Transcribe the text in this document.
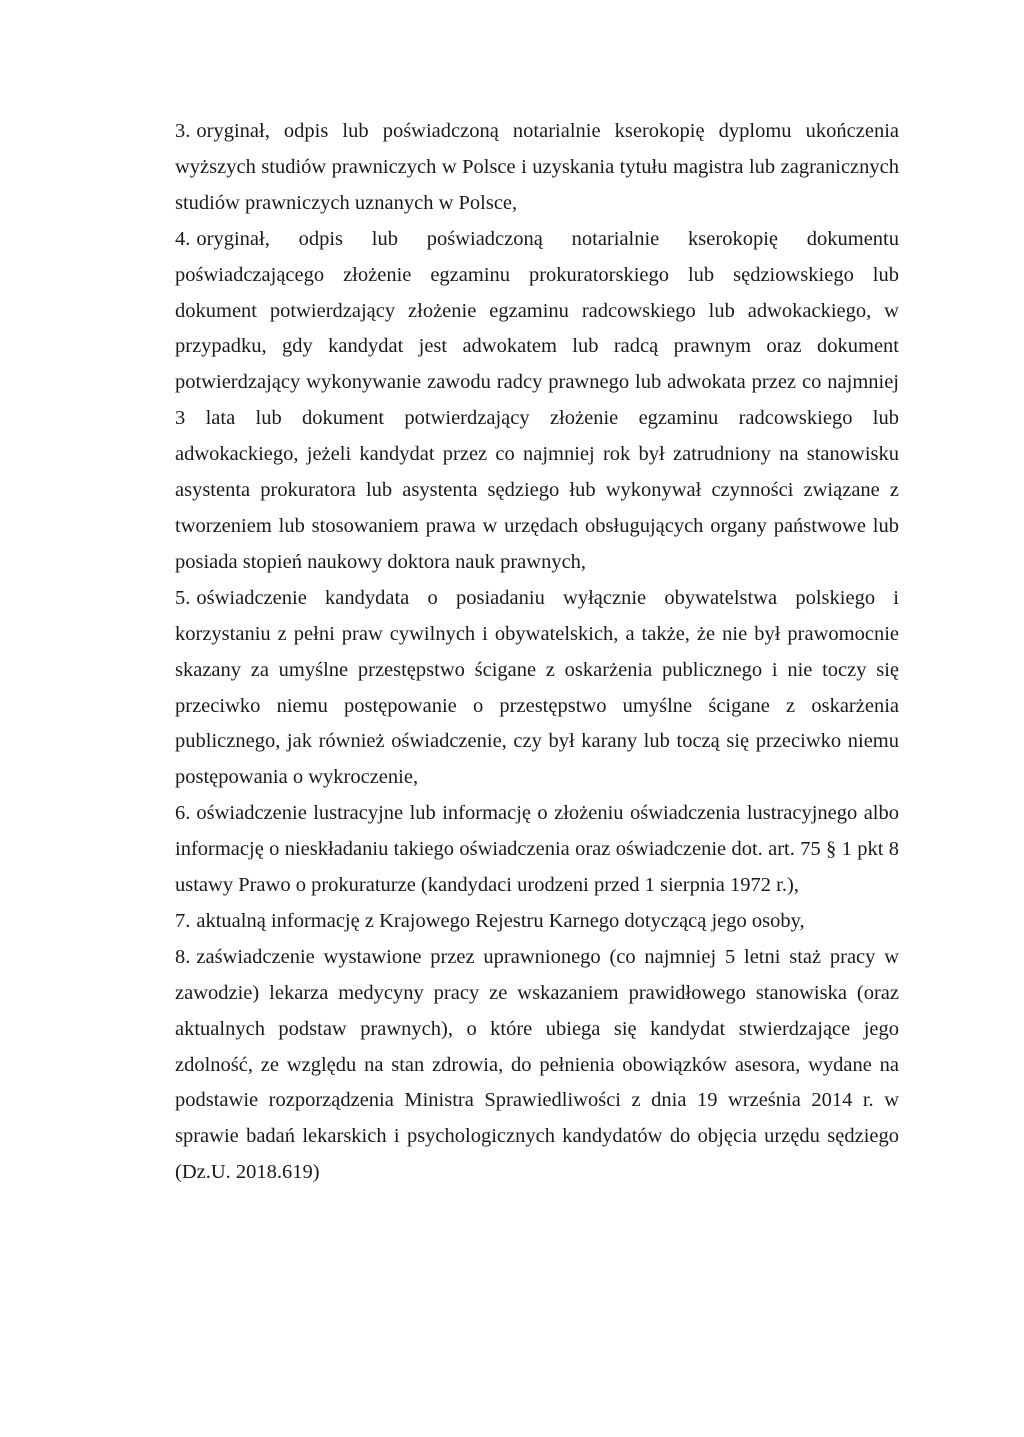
3. oryginał, odpis lub poświadczoną notarialnie kserokopię dyplomu ukończenia wyższych studiów prawniczych w Polsce i uzyskania tytułu magistra lub zagranicznych studiów prawniczych uznanych w Polsce,

4. oryginał, odpis lub poświadczoną notarialnie kserokopię dokumentu poświadczającego złożenie egzaminu prokuratorskiego lub sędziowskiego lub dokument potwierdzający złożenie egzaminu radcowskiego lub adwokackiego, w przypadku, gdy kandydat jest adwokatem lub radcą prawnym oraz dokument potwierdzający wykonywanie zawodu radcy prawnego lub adwokata przez co najmniej 3 lata lub dokument potwierdzający złożenie egzaminu radcowskiego lub adwokackiego, jeżeli kandydat przez co najmniej rok był zatrudniony na stanowisku asystenta prokuratora lub asystenta sędziego łub wykonywał czynności związane z tworzeniem lub stosowaniem prawa w urzędach obsługujących organy państwowe lub posiada stopień naukowy doktora nauk prawnych,

5. oświadczenie kandydata o posiadaniu wyłącznie obywatelstwa polskiego i korzystaniu z pełni praw cywilnych i obywatelskich, a także, że nie był prawomocnie skazany za umyślne przestępstwo ścigane z oskarżenia publicznego i nie toczy się przeciwko niemu postępowanie o przestępstwo umyślne ścigane z oskarżenia publicznego, jak również oświadczenie, czy był karany lub toczą się przeciwko niemu postępowania o wykroczenie,

6. oświadczenie lustracyjne lub informację o złożeniu oświadczenia lustracyjnego albo informację o nieskładaniu takiego oświadczenia oraz oświadczenie dot. art. 75 § 1 pkt 8 ustawy Prawo o prokuraturze (kandydaci urodzeni przed 1 sierpnia 1972 r.),

7. aktualną informację z Krajowego Rejestru Karnego dotyczącą jego osoby,

8. zaświadczenie wystawione przez uprawnionego (co najmniej 5 letni staż pracy w zawodzie) lekarza medycyny pracy ze wskazaniem prawidłowego stanowiska (oraz aktualnych podstaw prawnych), o które ubiega się kandydat stwierdzające jego zdolność, ze względu na stan zdrowia, do pełnienia obowiązków asesora, wydane na podstawie rozporządzenia Ministra Sprawiedliwości z dnia 19 września 2014 r. w sprawie badań lekarskich i psychologicznych kandydatów do objęcia urzędu sędziego (Dz.U. 2018.619)
